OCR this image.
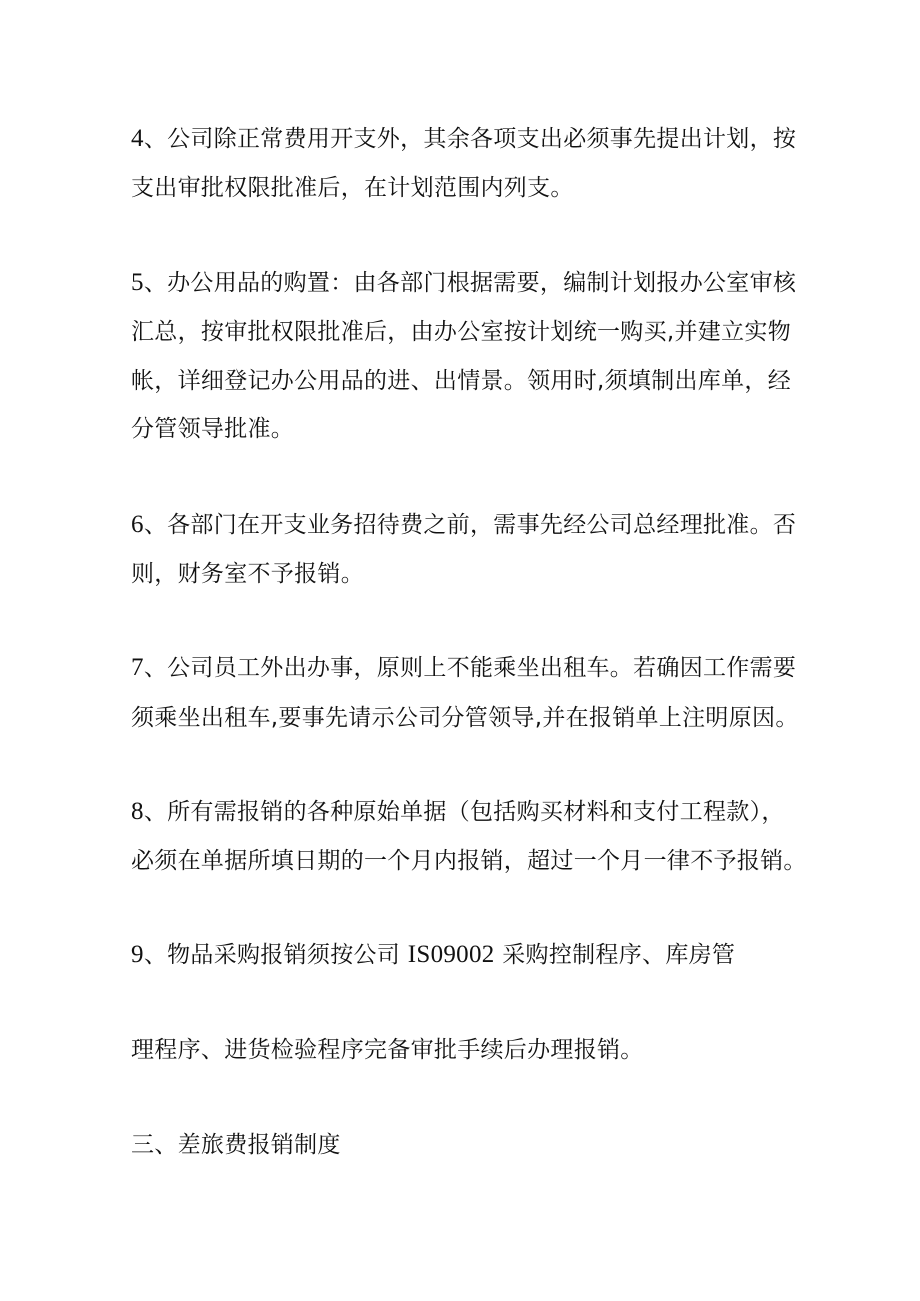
4、公司除正常费用开支外，其余各项支出必须事先提出计划，按
支出审批权限批准后，在计划范围内列支。
5、办公用品的购置：由各部门根据需要，编制计划报办公室审核
汇总，按审批权限批准后，由办公室按计划统一购买,并建立实物
帐，详细登记办公用品的进、出情景。领用时,须填制出库单，经
分管领导批准。
6、各部门在开支业务招待费之前，需事先经公司总经理批准。否
则，财务室不予报销。
7、公司员工外出办事，原则上不能乘坐出租车。若确因工作需要
须乘坐出租车,要事先请示公司分管领导,并在报销单上注明原因。
8、所有需报销的各种原始单据（包括购买材料和支付工程款），
必须在单据所填日期的一个月内报销，超过一个月一律不予报销。
9、物品采购报销须按公司 IS09002 采购控制程序、库房管
理程序、进货检验程序完备审批手续后办理报销。
三、差旅费报销制度
